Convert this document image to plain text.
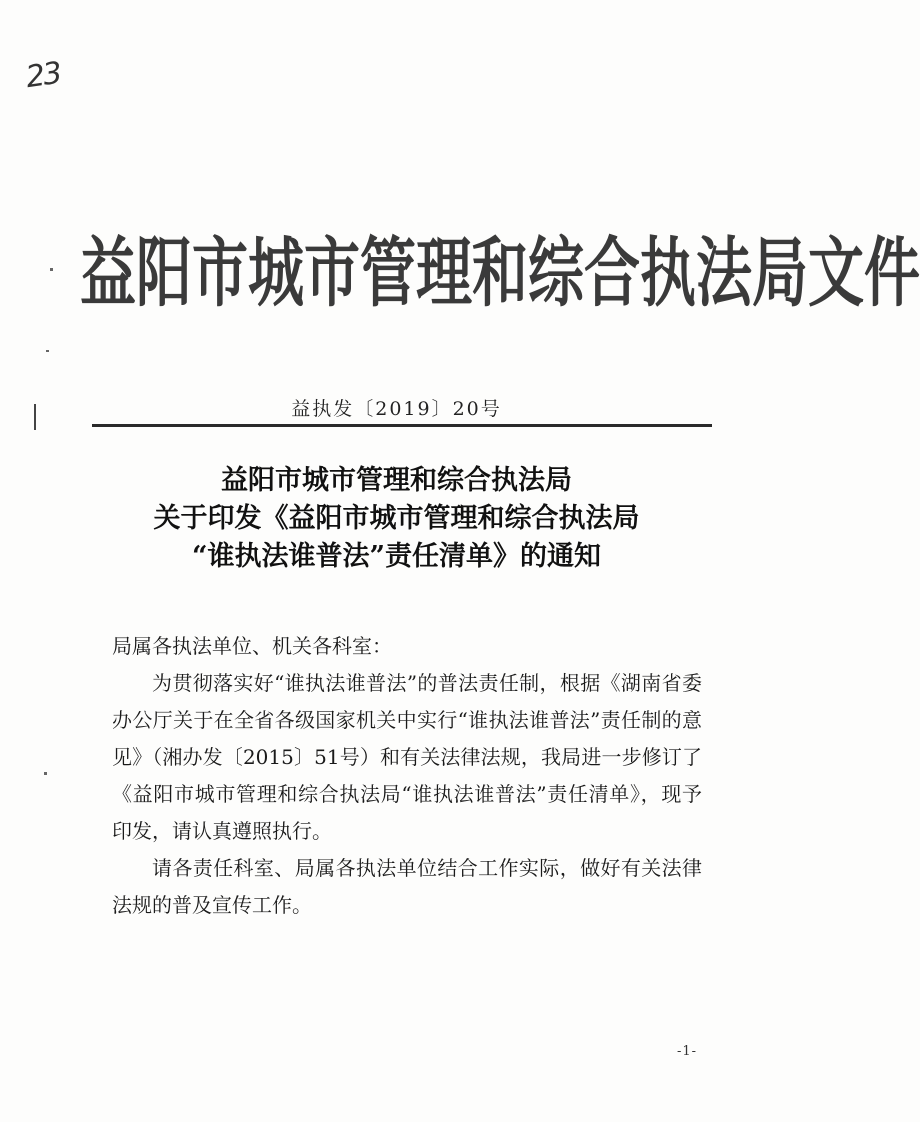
23
益阳市城市管理和综合执法局文件
益执发〔2019〕20号
益阳市城市管理和综合执法局
关于印发《益阳市城市管理和综合执法局
“谁执法谁普法”责任清单》的通知

局属各执法单位、机关各科室：

为贯彻落实好“谁执法谁普法”的普法责任制，根据《湖南省委办公厅关于在全省各级国家机关中实行“谁执法谁普法”责任制的意见》（湘办发〔2015〕51号）和有关法律法规，我局进一步修订了《益阳市城市管理和综合执法局“谁执法谁普法”责任清单》，现予印发，请认真遵照执行。

请各责任科室、局属各执法单位结合工作实际，做好有关法律法规的普及宣传工作。

-1-
